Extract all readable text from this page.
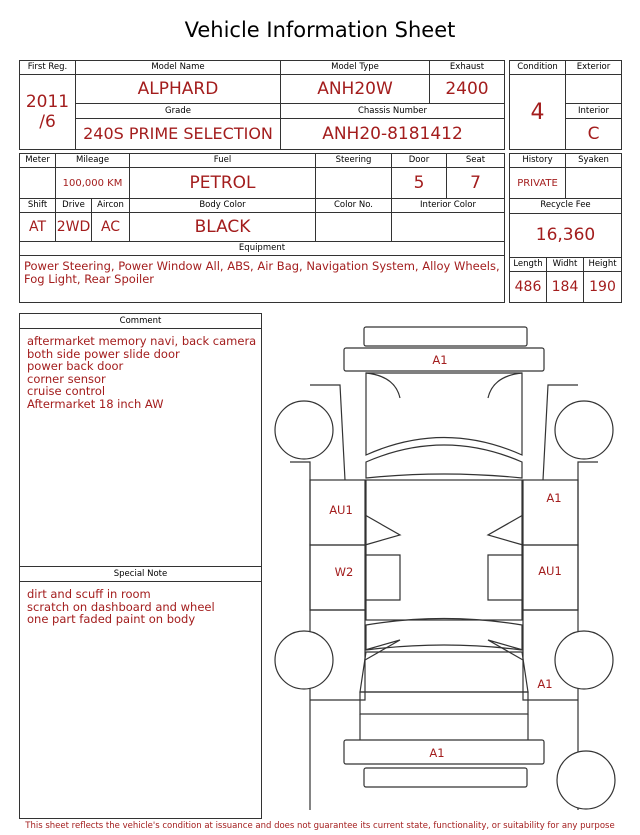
Vehicle Information Sheet
First Reg.	Model Name	Model Type	Exhaust

2011
/6	ALPHARD	ANH20W	2400
	Grade	Chassis Number	
	240S PRIME SELECTION	ANH20-8181412	
Condition	Exterior
4	
	Interior
	C
Meter	Mileage		Fuel	Steering	Door	Seat
	100,000 KM		PETROL		5	7
Shift	Drive	Aircon	Body Color	Color No.	Interior Color	
AT	2WD	AC	BLACK			
Equipment						
Power Steering, Power Window All, ABS, Air Bag, Navigation System, Alloy Wheels, Fog Light, Rear Spoiler						
History		Syaken	
PRIVATE			
Recycle Fee			
16,360			
Length	Widht		Height
486	184		190
Comment
aftermarket memory navi, back camera
both side power slide door
power back door
corner sensor
cruise control
Aftermarket 18 inch AW
Special Note
dirt and scuff in room
scratch on dashboard and wheel
one part faded paint on body
A1
AU1
W2
A1
AU1
A1
A1
This sheet reflects the vehicle's condition at issuance and does not guarantee its current state, functionality, or suitability for any purpose
